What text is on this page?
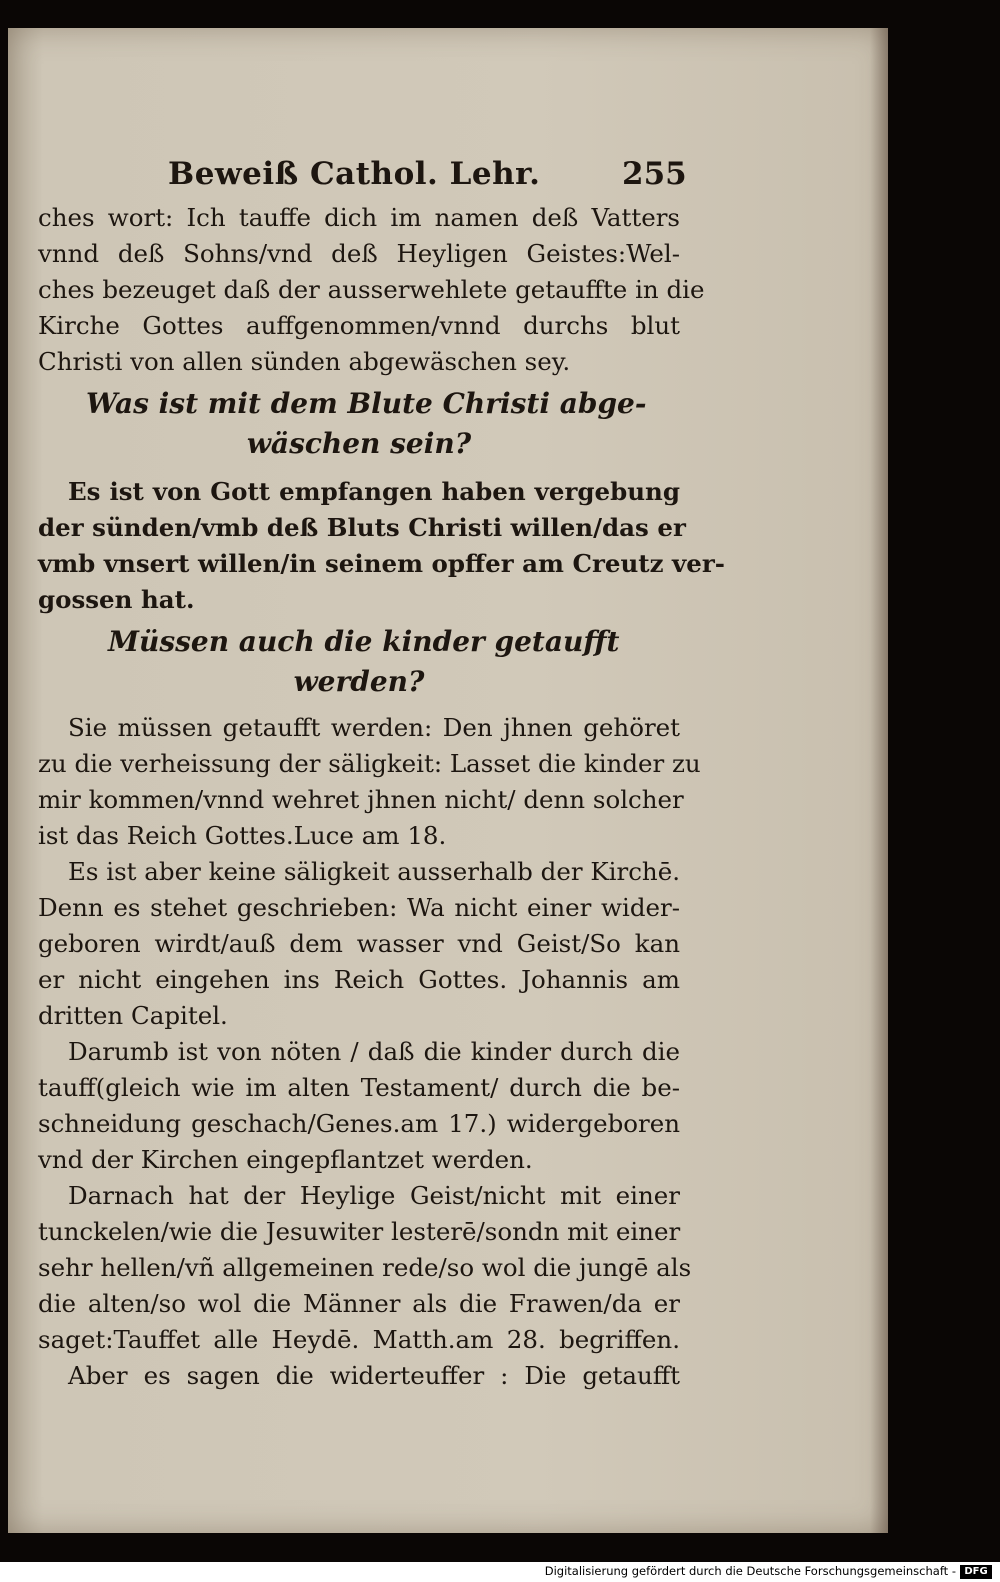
Beweiß Cathol. Lehr.	255
ches wort: Ich tauffe dich im namen deß Vatters
vnnd deß Sohns/vnd deß Heyligen Geistes:Wel-
ches bezeuget daß der ausserwehlete getauffte in die
Kirche Gottes auffgenommen/vnnd durchs blut
Christi von allen sünden abgewäschen sey.
Was ist mit dem Blute Christi abge-
wäschen sein?
Es ist von Gott empfangen haben vergebung
der sünden/vmb deß Bluts Christi willen/das er
vmb vnsert willen/in seinem opffer am Creutz ver-
gossen hat.
Müssen auch die kinder getaufft
werden?
Sie müssen getaufft werden: Den jhnen gehöret
zu die verheissung der säligkeit: Lasset die kinder zu
mir kommen/vnnd wehret jhnen nicht/ denn solcher
ist das Reich Gottes.Luce am 18.
Es ist aber keine säligkeit ausserhalb der Kirchē.
Denn es stehet geschrieben: Wa nicht einer wider-
geboren wirdt/auß dem wasser vnd Geist/So kan
er nicht eingehen ins Reich Gottes. Johannis am
dritten Capitel.
Darumb ist von nöten / daß die kinder durch die
tauff(gleich wie im alten Testament/ durch die be-
schneidung geschach/Genes.am 17.) widergeboren
vnd der Kirchen eingepflantzet werden.
Darnach hat der Heylige Geist/nicht mit einer
tunckelen/wie die Jesuwiter lesterē/sondn mit einer
sehr hellen/vñ allgemeinen rede/so wol die jungē als
die alten/so wol die Männer als die Frawen/da er
saget:Tauffet alle Heydē. Matth.am 28. begriffen.
Aber es sagen die widerteuffer : Die getaufft
Digitalisierung gefördert durch die Deutsche Forschungsgemeinschaft - DFG
